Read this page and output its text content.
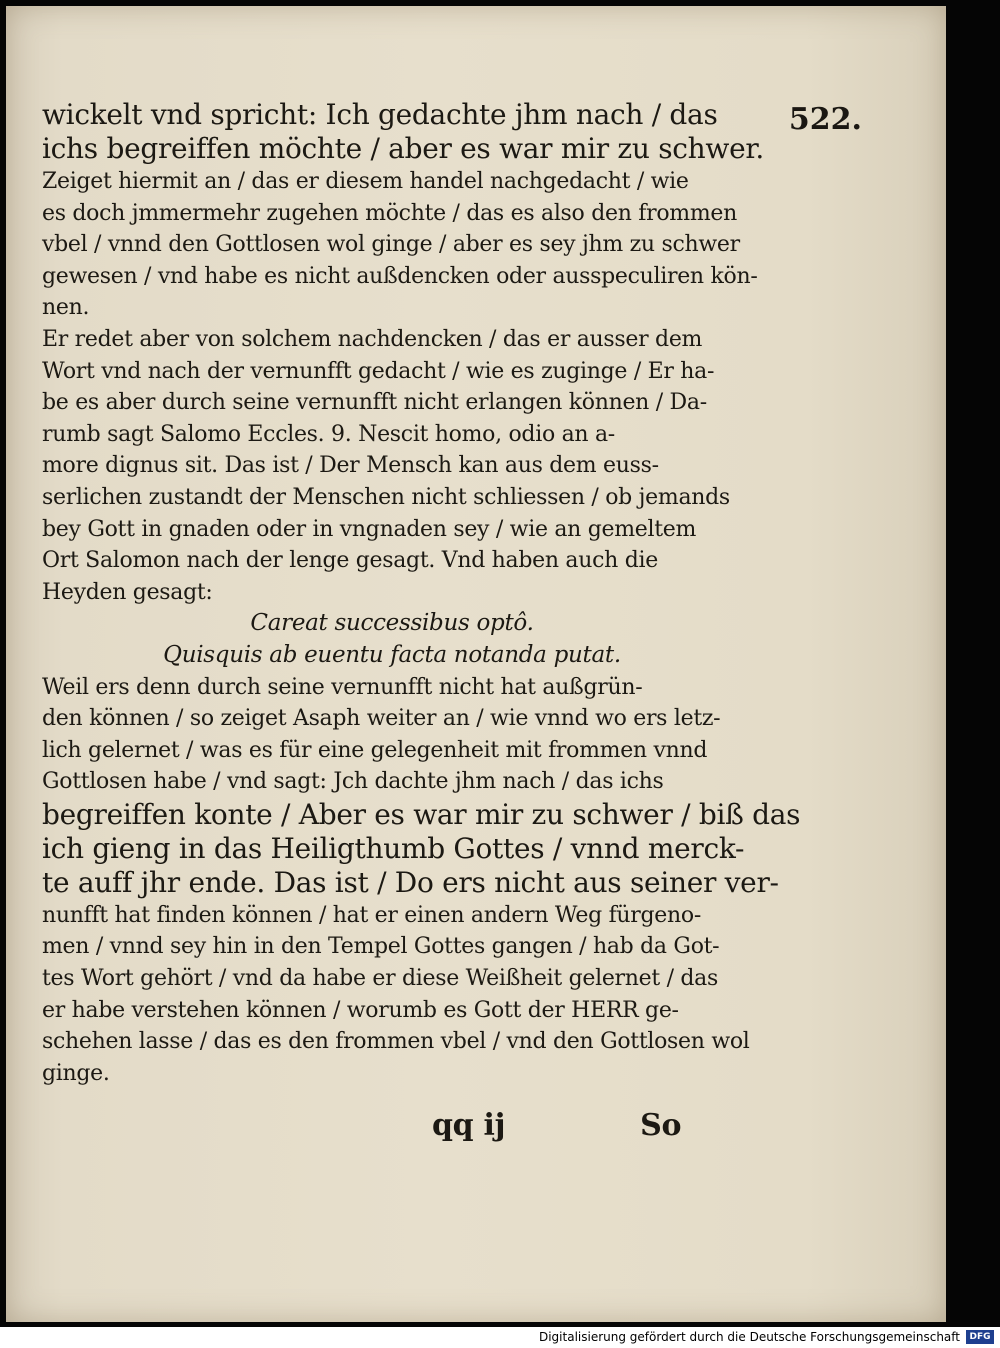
522.
wickelt vnd spricht: Ich gedachte jhm nach / das
ichs begreiffen möchte / aber es war mir zu schwer.
Zeiget hiermit an / das er diesem handel nachgedacht / wie
es doch jmmermehr zugehen möchte / das es also den frommen
vbel / vnnd den Gottlosen wol ginge / aber es sey jhm zu schwer
gewesen / vnd habe es nicht außdencken oder ausspeculiren kön-
nen.
Er redet aber von solchem nachdencken / das er ausser dem
Wort vnd nach der vernunfft gedacht / wie es zuginge / Er ha-
be es aber durch seine vernunfft nicht erlangen können / Da-
rumb sagt Salomo Eccles. 9. Nescit homo, odio an a-
more dignus sit. Das ist / Der Mensch kan aus dem euss-
serlichen zustandt der Menschen nicht schliessen / ob jemands
bey Gott in gnaden oder in vngnaden sey / wie an gemeltem
Ort Salomon nach der lenge gesagt. Vnd haben auch die
Heyden gesagt:
Careat successibus optô.
Quisquis ab euentu facta notanda putat.
Weil ers denn durch seine vernunfft nicht hat außgrün-
den können / so zeiget Asaph weiter an / wie vnnd wo ers letz-
lich gelernet / was es für eine gelegenheit mit frommen vnnd
Gottlosen habe / vnd sagt: Jch dachte jhm nach / das ichs
begreiffen konte / Aber es war mir zu schwer / biß das
ich gieng in das Heiligthumb Gottes / vnnd merck-
te auff jhr ende. Das ist / Do ers nicht aus seiner ver-
nunfft hat finden können / hat er einen andern Weg fürgeno-
men / vnnd sey hin in den Tempel Gottes gangen / hab da Got-
tes Wort gehört / vnd da habe er diese Weißheit gelernet / das
er habe verstehen können / worumb es Gott der HERR ge-
schehen lasse / das es den frommen vbel / vnd den Gottlosen wol
ginge.
qq ij	So
Digitalisierung gefördert durch die Deutsche Forschungsgemeinschaft	DFG
